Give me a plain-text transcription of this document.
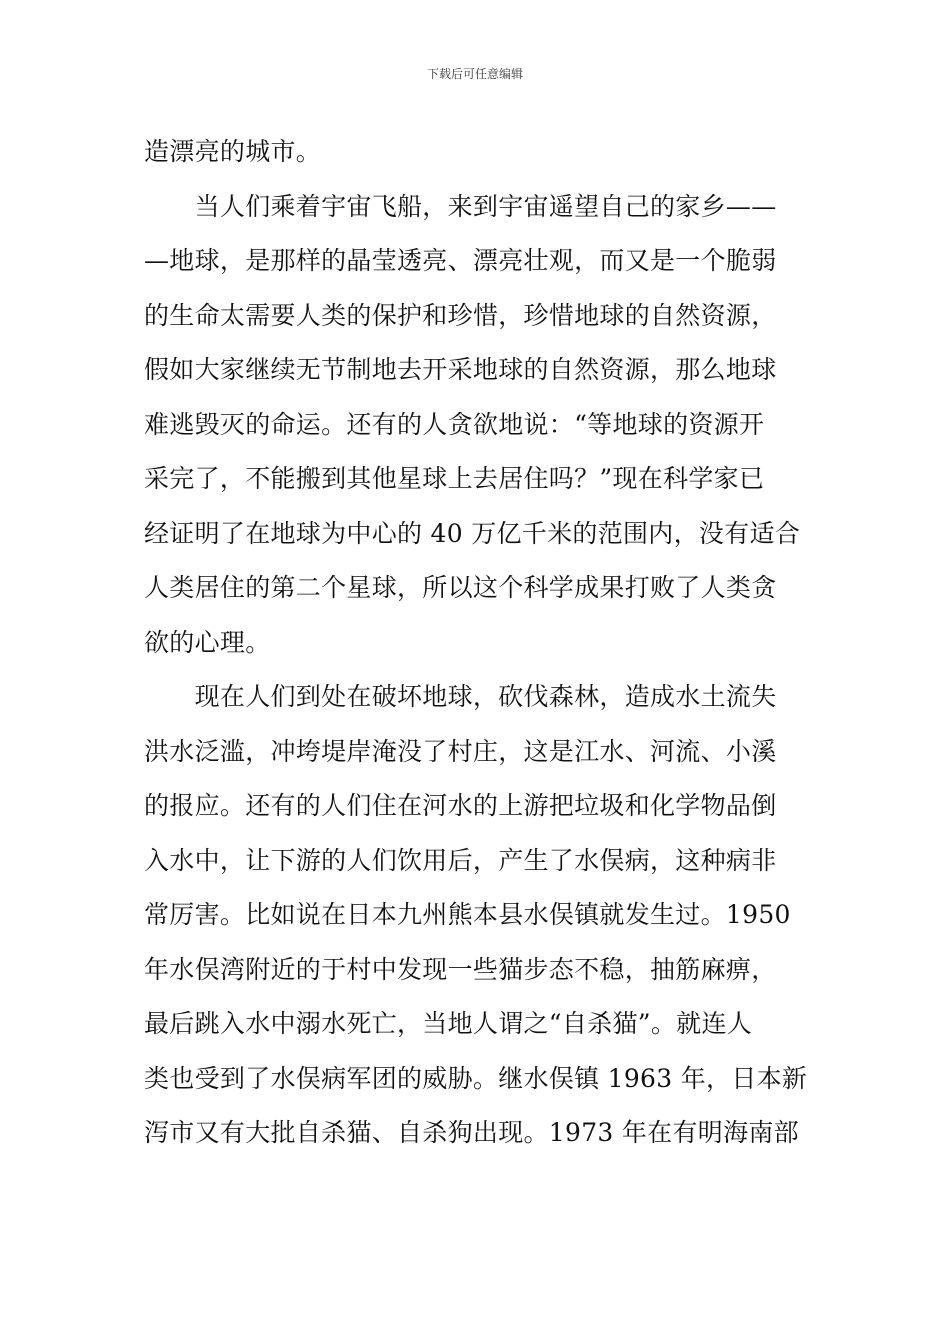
下载后可任意编辑
造漂亮的城市。
　　当人们乘着宇宙飞船，来到宇宙遥望自己的家乡——
—地球，是那样的晶莹透亮、漂亮壮观，而又是一个脆弱
的生命太需要人类的保护和珍惜，珍惜地球的自然资源，
假如大家继续无节制地去开采地球的自然资源，那么地球
难逃毁灭的命运。还有的人贪欲地说：“等地球的资源开
采完了，不能搬到其他星球上去居住吗？”现在科学家已
经证明了在地球为中心的 40 万亿千米的范围内，没有适合
人类居住的第二个星球，所以这个科学成果打败了人类贪
欲的心理。
　　现在人们到处在破坏地球，砍伐森林，造成水土流失
洪水泛滥，冲垮堤岸淹没了村庄，这是江水、河流、小溪
的报应。还有的人们住在河水的上游把垃圾和化学物品倒
入水中，让下游的人们饮用后，产生了水俣病，这种病非
常厉害。比如说在日本九州熊本县水俣镇就发生过。1950
年水俣湾附近的于村中发现一些猫步态不稳，抽筋麻痹，
最后跳入水中溺水死亡，当地人谓之“自杀猫”。就连人
类也受到了水俣病军团的威胁。继水俣镇 1963 年，日本新
泻市又有大批自杀猫、自杀狗出现。1973 年在有明海南部
